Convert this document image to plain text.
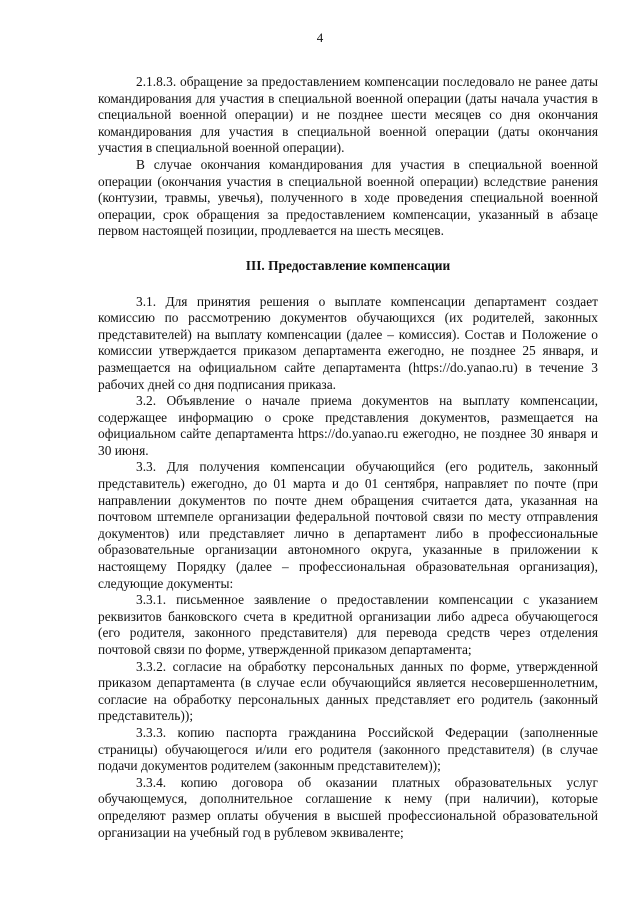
4

2.1.8.3. обращение за предоставлением компенсации последовало не ранее даты командирования для участия в специальной военной операции (даты начала участия в специальной военной операции) и не позднее шести месяцев со дня окончания командирования для участия в специальной военной операции (даты окончания участия в специальной военной операции).

В случае окончания командирования для участия в специальной военной операции (окончания участия в специальной военной операции) вследствие ранения (контузии, травмы, увечья), полученного в ходе проведения специальной военной операции, срок обращения за предоставлением компенсации, указанный в абзаце первом настоящей позиции, продлевается на шесть месяцев.

III. Предоставление компенсации

3.1. Для принятия решения о выплате компенсации департамент создает комиссию по рассмотрению документов обучающихся (их родителей, законных представителей) на выплату компенсации (далее – комиссия). Состав и Положение о комиссии утверждается приказом департамента ежегодно, не позднее 25 января, и размещается на официальном сайте департамента (https://do.yanao.ru) в течение 3 рабочих дней со дня подписания приказа.

3.2. Объявление о начале приема документов на выплату компенсации, содержащее информацию о сроке представления документов, размещается на официальном сайте департамента https://do.yanao.ru ежегодно, не позднее 30 января и 30 июня.

3.3. Для получения компенсации обучающийся (его родитель, законный представитель) ежегодно, до 01 марта и до 01 сентября, направляет по почте (при направлении документов по почте днем обращения считается дата, указанная на почтовом штемпеле организации федеральной почтовой связи по месту отправления документов) или представляет лично в департамент либо в профессиональные образовательные организации автономного округа, указанные в приложении к настоящему Порядку (далее – профессиональная образовательная организация), следующие документы:

3.3.1. письменное заявление о предоставлении компенсации с указанием реквизитов банковского счета в кредитной организации либо адреса обучающегося (его родителя, законного представителя) для перевода средств через отделения почтовой связи по форме, утвержденной приказом департамента;

3.3.2. согласие на обработку персональных данных по форме, утвержденной приказом департамента (в случае если обучающийся является несовершеннолетним, согласие на обработку персональных данных представляет его родитель (законный представитель));

3.3.3. копию паспорта гражданина Российской Федерации (заполненные страницы) обучающегося и/или его родителя (законного представителя) (в случае подачи документов родителем (законным представителем));

3.3.4. копию договора об оказании платных образовательных услуг обучающемуся, дополнительное соглашение к нему (при наличии), которые определяют размер оплаты обучения в высшей профессиональной образовательной организации на учебный год в рублевом эквиваленте;
